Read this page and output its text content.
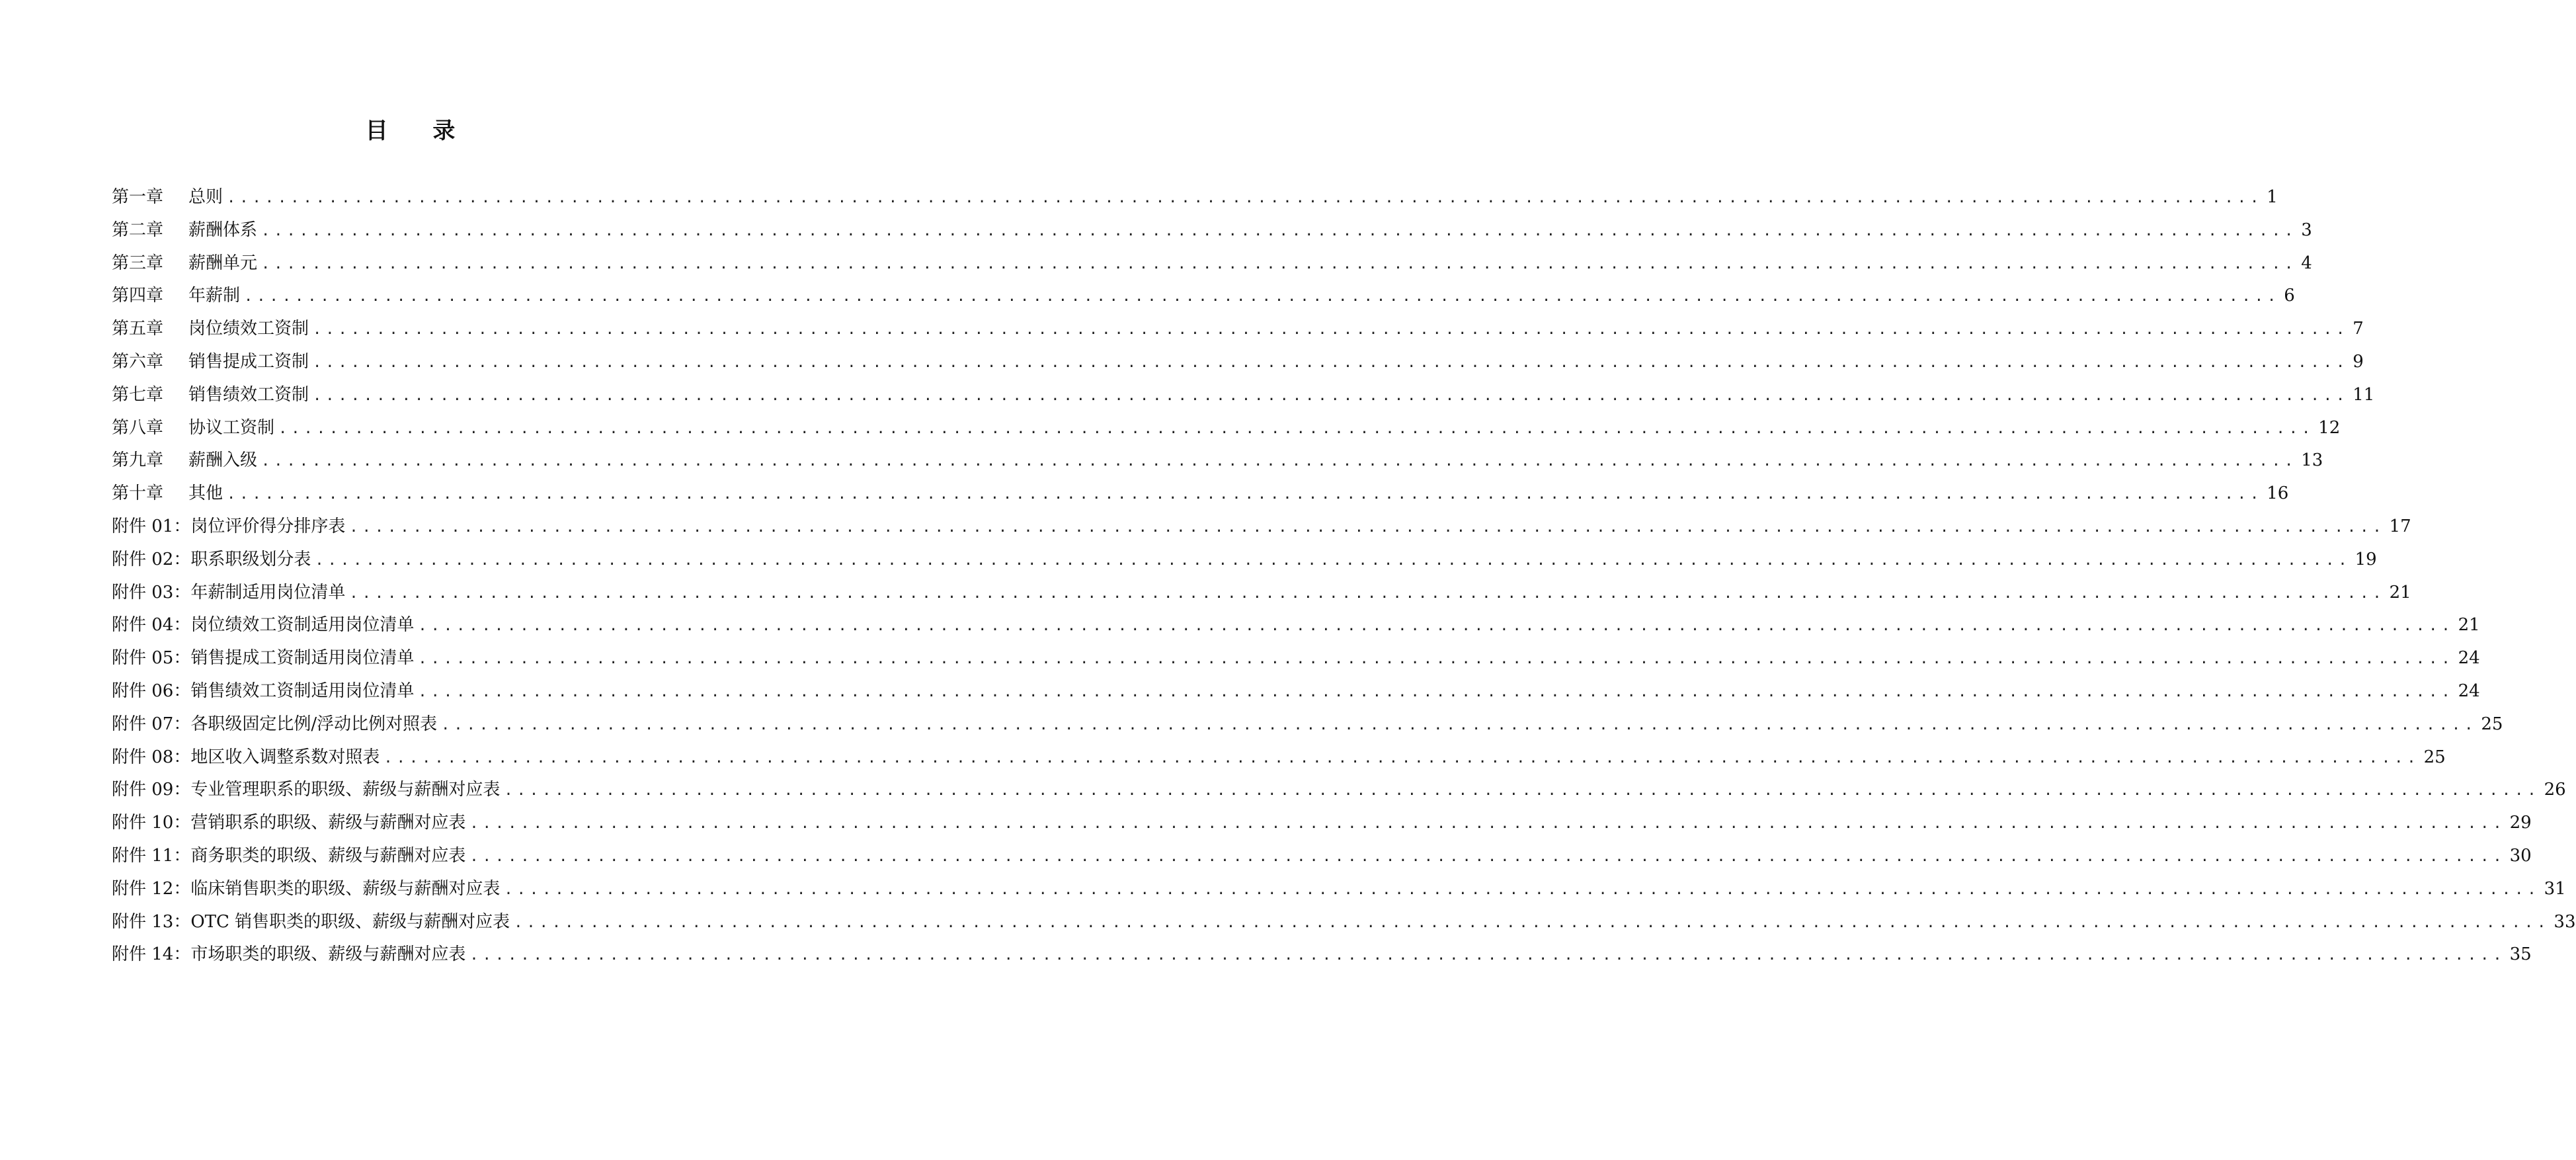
目 录
第一章	总则 ................................................................................................................................................................ 1
第二章	薪酬体系 ................................................................................................................................................................ 3
第三章	薪酬单元 ................................................................................................................................................................ 4
第四章	年薪制 ................................................................................................................................................................ 6
第五章	岗位绩效工资制 ................................................................................................................................................................ 7
第六章	销售提成工资制 ................................................................................................................................................................ 9
第七章	销售绩效工资制 ................................................................................................................................................................ 11
第八章	协议工资制 ................................................................................................................................................................ 12
第九章	薪酬入级 ................................................................................................................................................................ 13
第十章	其他 ................................................................................................................................................................ 16
附件 01： 岗位评价得分排序表 ................................................................................................................................................................ 17
附件 02： 职系职级划分表 ................................................................................................................................................................ 19
附件 03： 年薪制适用岗位清单 ................................................................................................................................................................ 21
附件 04： 岗位绩效工资制适用岗位清单 ................................................................................................................................................................ 21
附件 05： 销售提成工资制适用岗位清单 ................................................................................................................................................................ 24
附件 06： 销售绩效工资制适用岗位清单 ................................................................................................................................................................ 24
附件 07： 各职级固定比例/浮动比例对照表 ................................................................................................................................................................ 25
附件 08： 地区收入调整系数对照表 ................................................................................................................................................................ 25
附件 09： 专业管理职系的职级、薪级与薪酬对应表 ................................................................................................................................................................ 26
附件 10： 营销职系的职级、薪级与薪酬对应表 ................................................................................................................................................................ 29
附件 11： 商务职类的职级、薪级与薪酬对应表 ................................................................................................................................................................ 30
附件 12： 临床销售职类的职级、薪级与薪酬对应表 ................................................................................................................................................................ 31
附件 13： OTC 销售职类的职级、薪级与薪酬对应表 ................................................................................................................................................................ 33
附件 14： 市场职类的职级、薪级与薪酬对应表 ................................................................................................................................................................ 35
